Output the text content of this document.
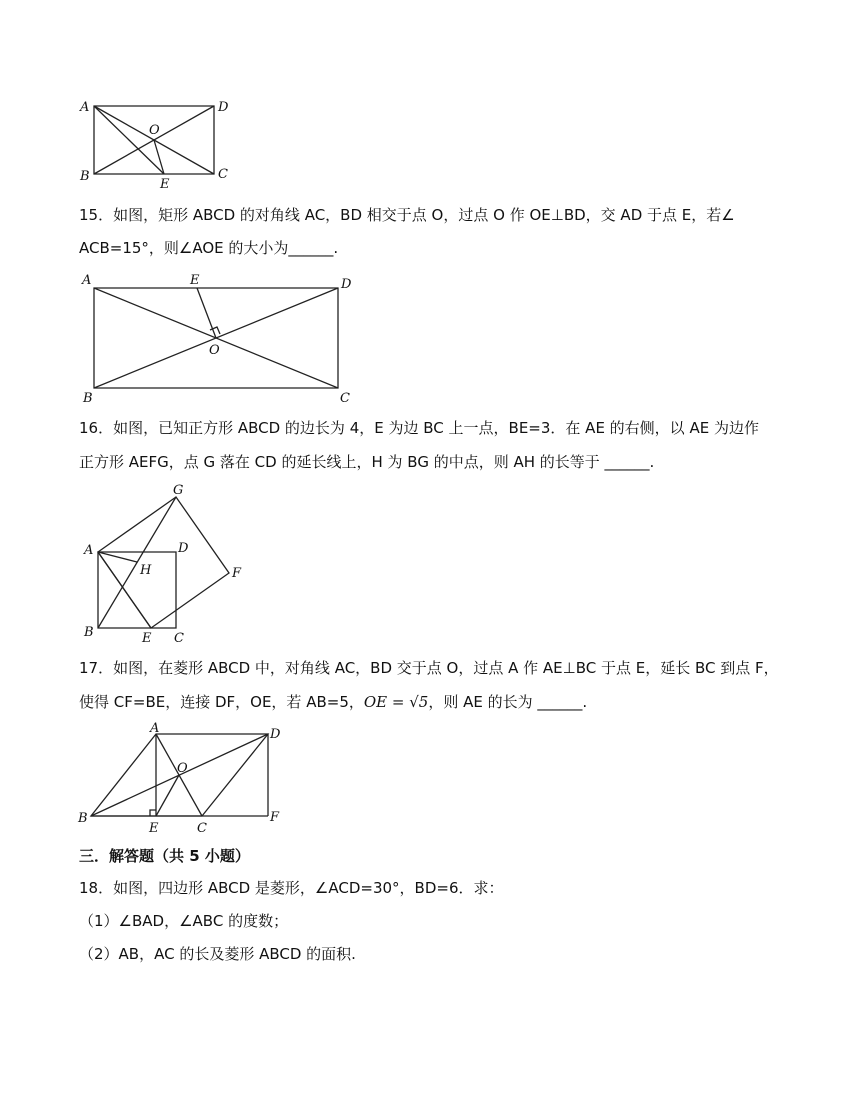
A	D
O
B	C
E
15．如图，矩形 ABCD 的对角线 AC，BD 相交于点 O，过点 O 作 OE⊥BD，交 AD 于点 E，若∠
ACB=15°，则∠AOE 的大小为______.
A	E	D
O
B	C
16．如图，已知正方形 ABCD 的边长为 4，E 为边 BC 上一点，BE=3．在 AE 的右侧，以 AE 为边作
正方形 AEFG，点 G 落在 CD 的延长线上，H 为 BG 的中点，则 AH 的长等于 ______.
A
G
D
H	F
B	E C
17．如图，在菱形 ABCD 中，对角线 AC，BD 交于点 O，过点 A 作 AE⊥BC 于点 E，延长 BC 到点 F，
使得 CF=BE，连接 DF，OE，若 AB=5，OE = √5，则 AE 的长为 ______.
A	D
O
B
E	C
F
三．解答题（共 5 小题）
18．如图，四边形 ABCD 是菱形，∠ACD=30°，BD=6．求：
（1）∠BAD，∠ABC 的度数；
（2）AB，AC 的长及菱形 ABCD 的面积.
